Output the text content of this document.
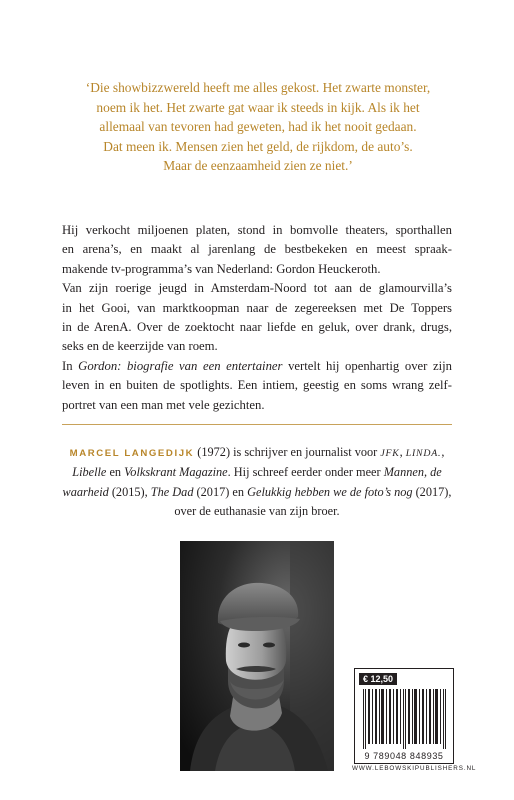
‘Die showbizzwereld heeft me alles gekost. Het zwarte monster,
noem ik het. Het zwarte gat waar ik steeds in kijk. Als ik het
allemaal van tevoren had geweten, had ik het nooit gedaan.
Dat meen ik. Mensen zien het geld, de rijkdom, de auto’s.
Maar de eenzaamheid zien ze niet.’
Hij verkocht miljoenen platen, stond in bomvolle theaters, sporthallen
en arena’s, en maakt al jarenlang de bestbekeken en meest spraak-
makende tv-programma’s van Nederland: Gordon Heuckeroth.
Van zijn roerige jeugd in Amsterdam-Noord tot aan de glamourvilla’s
in het Gooi, van marktkoopman naar de zegereeksen met De Toppers
in de ArenA. Over de zoektocht naar liefde en geluk, over drank, drugs,
seks en de keerzijde van roem.
In Gordon: biografie van een entertainer vertelt hij openhartig over zijn
leven in en buiten de spotlights. Een intiem, geestig en soms wrang zelf-
portret van een man met vele gezichten.
MARCEL LANGEDIJK (1972) is schrijver en journalist voor JFK, LINDA.,
Libelle en Volkskrant Magazine. Hij schreef eerder onder meer Mannen, de
waarheid (2015), The Dad (2017) en Gelukkig hebben we de foto’s nog (2017),
over de euthanasie van zijn broer.
€ 12,50
9 789048 848935
WWW.LEBOWSKIPUBLISHERS.NL
